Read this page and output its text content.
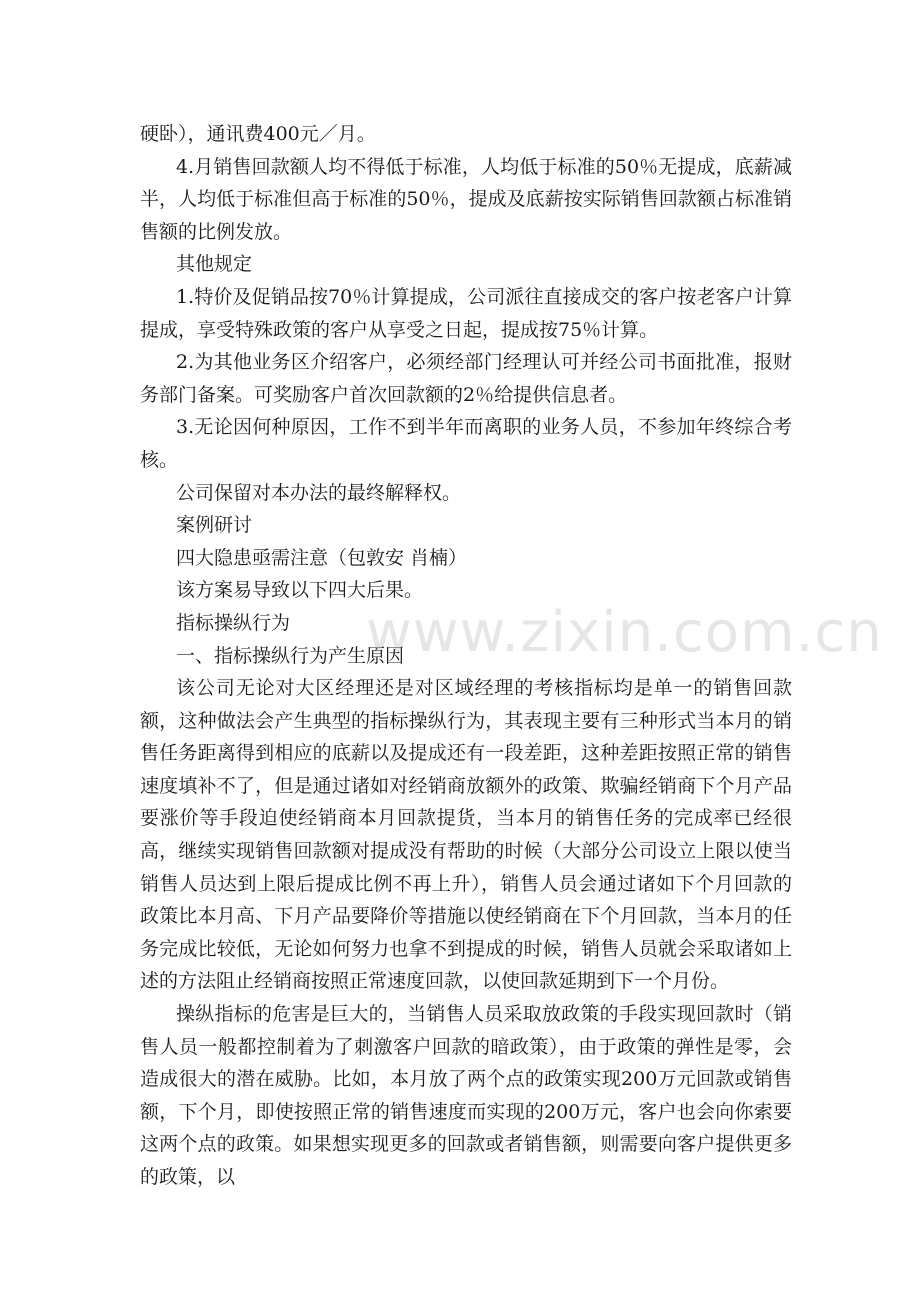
硬卧），通讯费400元／月。

4.月销售回款额人均不得低于标准，人均低于标准的50％无提成，底薪减半，人均低于标准但高于标准的50％，提成及底薪按实际销售回款额占标准销售额的比例发放。

其他规定

1.特价及促销品按70％计算提成，公司派往直接成交的客户按老客户计算提成，享受特殊政策的客户从享受之日起，提成按75％计算。

2.为其他业务区介绍客户，必须经部门经理认可并经公司书面批准，报财务部门备案。可奖励客户首次回款额的2％给提供信息者。

3.无论因何种原因，工作不到半年而离职的业务人员，不参加年终综合考核。

公司保留对本办法的最终解释权。

案例研讨

四大隐患亟需注意（包敦安 肖楠）

该方案易导致以下四大后果。

指标操纵行为

一、指标操纵行为产生原因

该公司无论对大区经理还是对区域经理的考核指标均是单一的销售回款额，这种做法会产生典型的指标操纵行为，其表现主要有三种形式当本月的销售任务距离得到相应的底薪以及提成还有一段差距，这种差距按照正常的销售速度填补不了，但是通过诸如对经销商放额外的政策、欺骗经销商下个月产品要涨价等手段迫使经销商本月回款提货，当本月的销售任务的完成率已经很高，继续实现销售回款额对提成没有帮助的时候（大部分公司设立上限以使当销售人员达到上限后提成比例不再上升），销售人员会通过诸如下个月回款的政策比本月高、下月产品要降价等措施以使经销商在下个月回款，当本月的任务完成比较低，无论如何努力也拿不到提成的时候，销售人员就会采取诸如上述的方法阻止经销商按照正常速度回款，以使回款延期到下一个月份。

操纵指标的危害是巨大的，当销售人员采取放政策的手段实现回款时（销售人员一般都控制着为了刺激客户回款的暗政策），由于政策的弹性是零，会造成很大的潜在威胁。比如，本月放了两个点的政策实现200万元回款或销售额，下个月，即使按照正常的销售速度而实现的200万元，客户也会向你索要这两个点的政策。如果想实现更多的回款或者销售额，则需要向客户提供更多的政策，以

www.zixin.com.cn
